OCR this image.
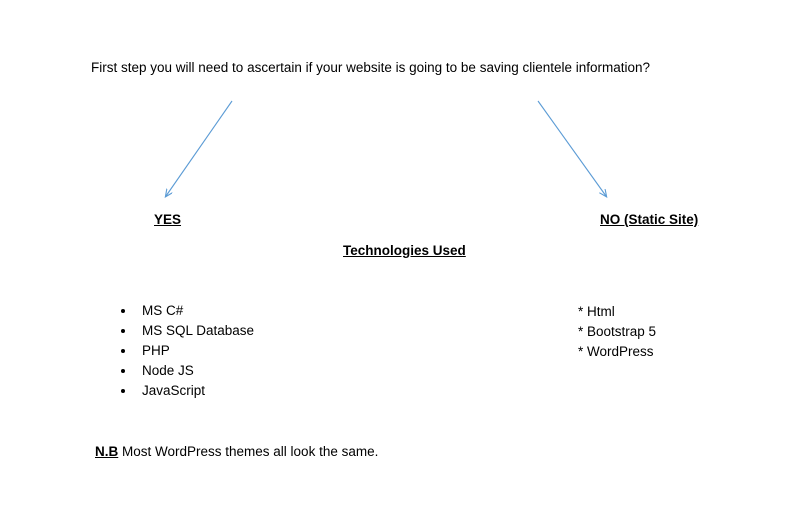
First step you will need to ascertain if your website is going to be saving clientele information?
YES	NO (Static Site)
Technologies Used
• MS C#
• MS SQL Database
• PHP
• Node JS
• JavaScript
* Html
* Bootstrap 5
* WordPress
N.B Most WordPress themes all look the same.
